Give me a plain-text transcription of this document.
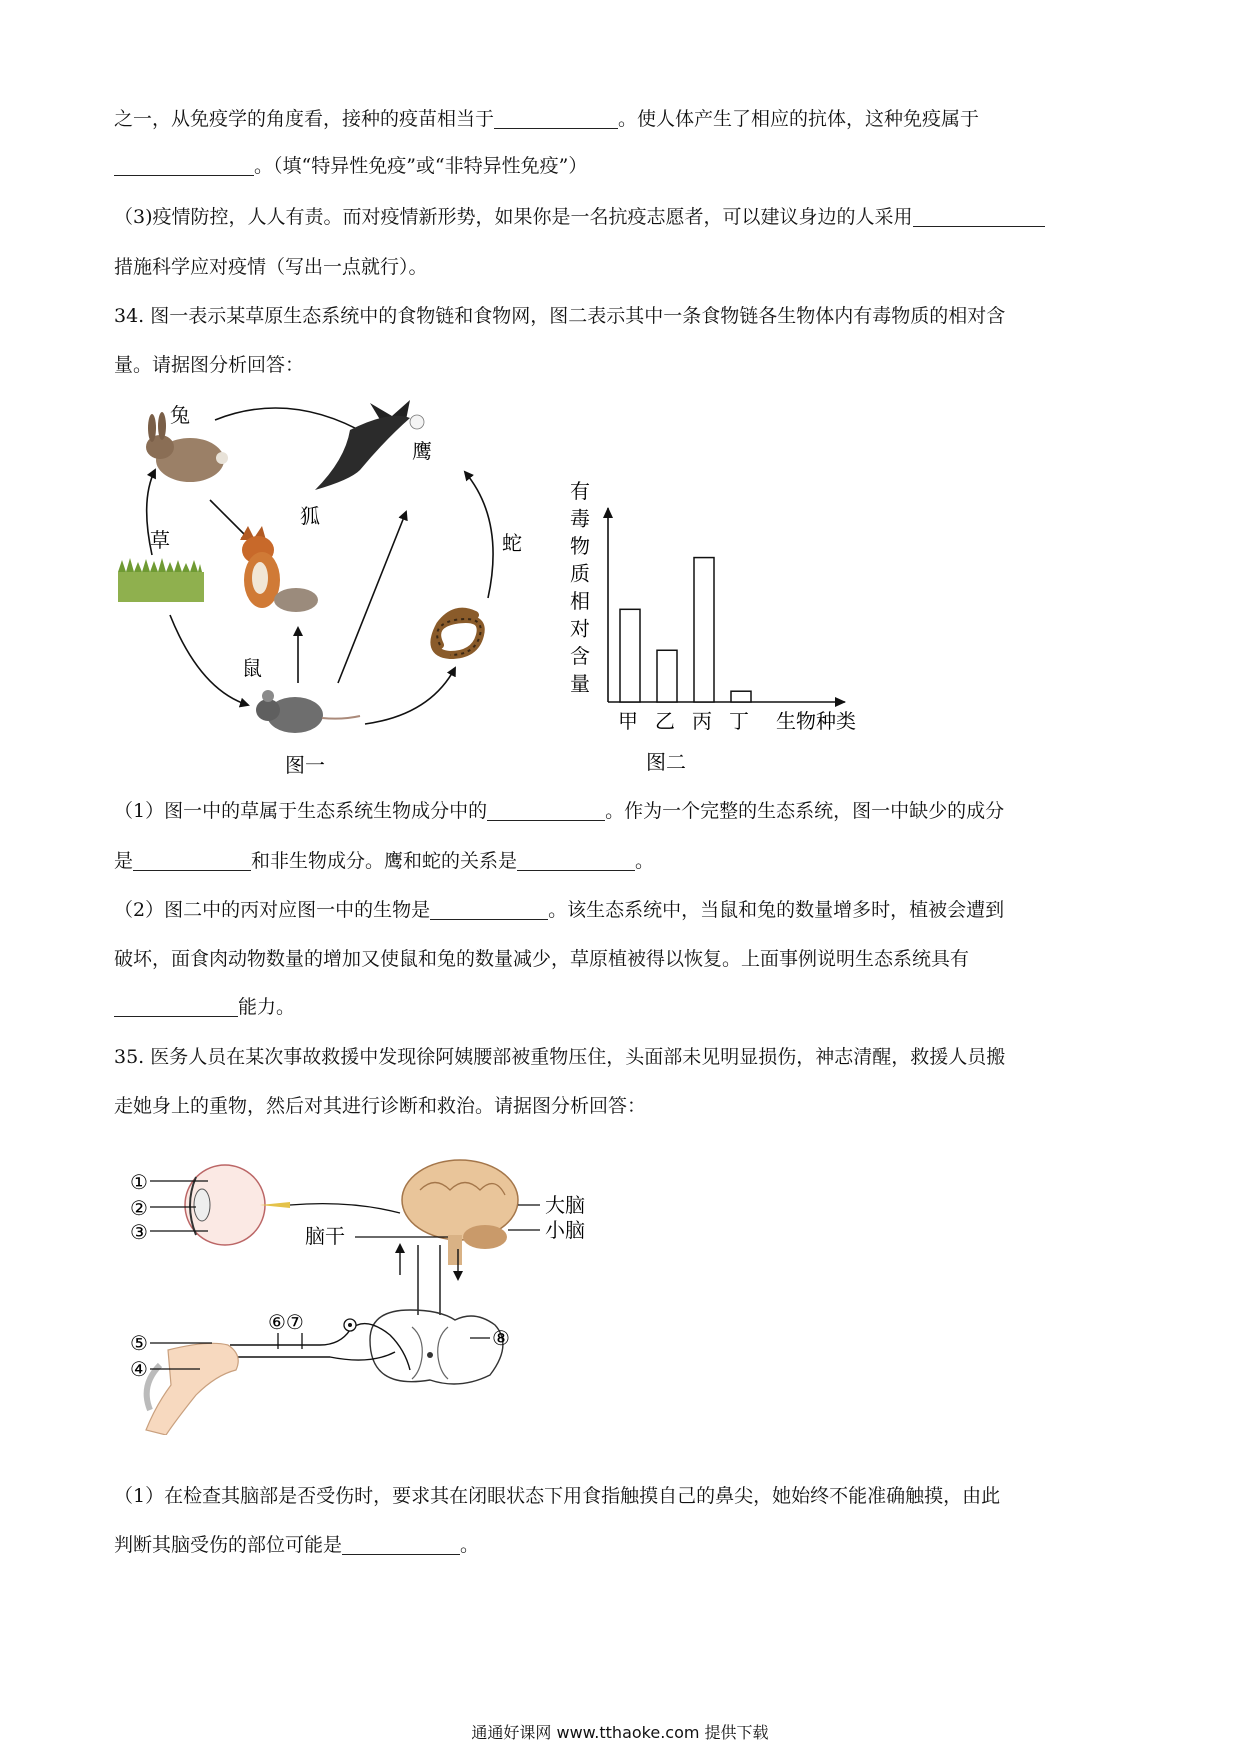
之一，从免疫学的角度看，接种的疫苗相当于	。使人体产生了相应的抗体，这种免疫属于
。（填“特异性免疫”或“非特异性免疫”）
（3)疫情防控，人人有责。而对疫情新形势，如果你是一名抗疫志愿者，可以建议身边的人采用
措施科学应对疫情（写出一点就行）。
34. 图一表示某草原生态系统中的食物链和食物网，图二表示其中一条食物链各生物体内有毒物质的相对含
量。请据图分析回答：
兔
鹰
草
狐
蛇
鼠
图一
有
毒
物
质
相
对
含
量
甲 乙 丙 丁 生物种类
图二
（1）图一中的草属于生态系统生物成分中的	。作为一个完整的生态系统，图一中缺少的成分
是	和非生物成分。鹰和蛇的关系是	。
（2）图二中的丙对应图一中的生物是	。该生态系统中，当鼠和兔的数量增多时，植被会遭到
破坏，面食肉动物数量的增加又使鼠和兔的数量减少，草原植被得以恢复。上面事例说明生态系统具有
能力。
35. 医务人员在某次事故救援中发现徐阿姨腰部被重物压住，头面部未见明显损伤，神志清醒，救援人员搬
走她身上的重物，然后对其进行诊断和救治。请据图分析回答：
①
②
③
大脑
小脑
脑干
⑧
⑥⑦
⑤
④
（1）在检查其脑部是否受伤时，要求其在闭眼状态下用食指触摸自己的鼻尖，她始终不能准确触摸，由此
判断其脑受伤的部位可能是	。
通通好课网 www.tthaoke.com 提供下载
